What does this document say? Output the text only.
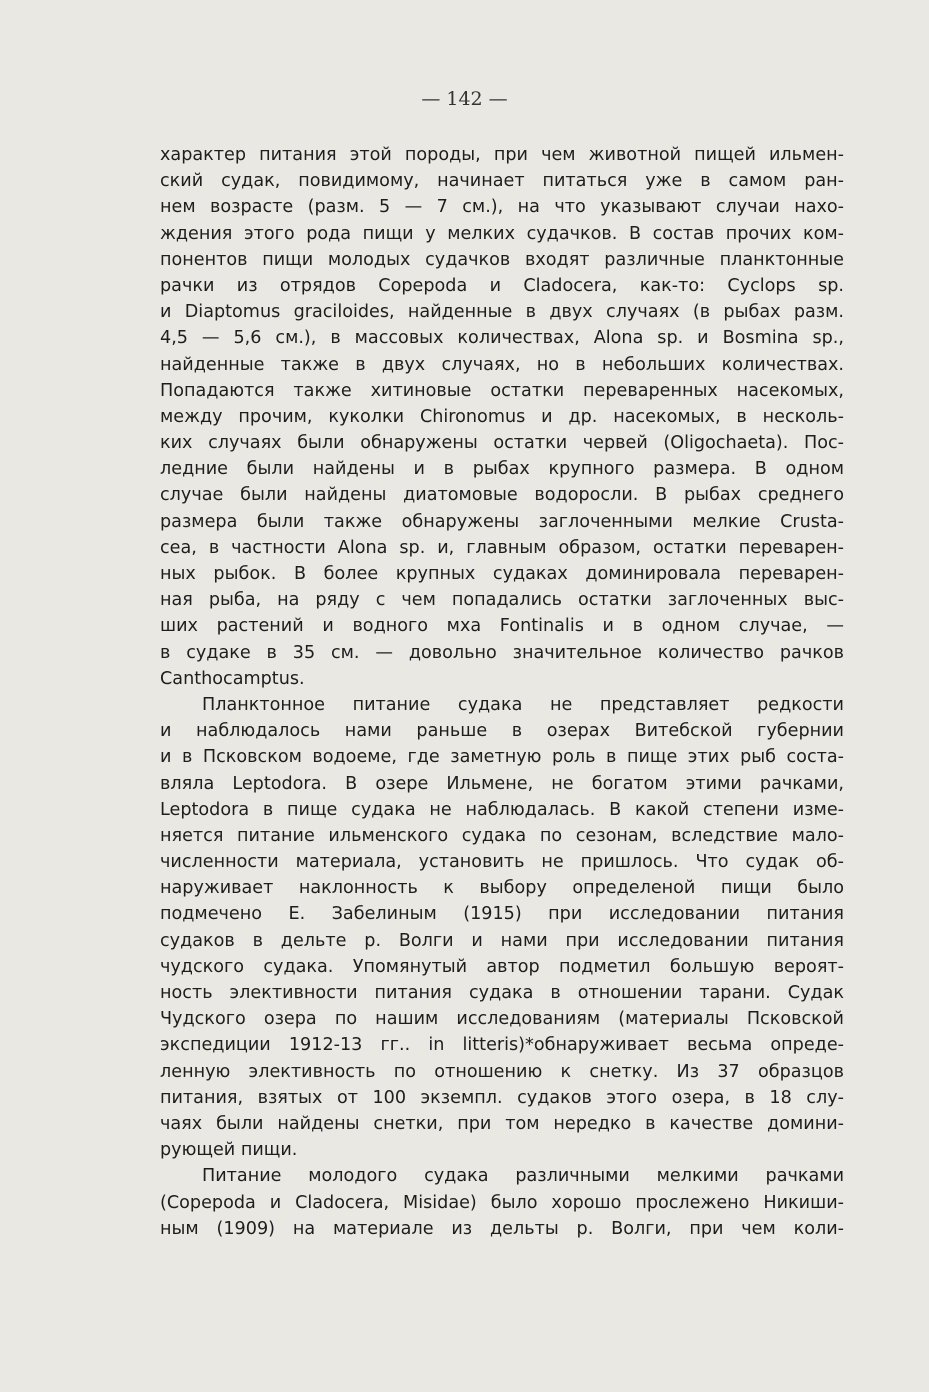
— 142 —
характер питания этой породы, при чем животной пищей ильмен-
ский судак, повидимому, начинает питаться уже в самом ран-
нем возрасте (разм. 5 — 7 см.), на что указывают случаи нахо-
ждения этого рода пищи у мелких судачков. В состав прочих ком-
понентов пищи молодых судачков входят различные планктонные
рачки из отрядов Copepoda и Cladocera, как-то: Cyclops sp.
и Diaptomus graciloides, найденные в двух случаях (в рыбах разм.
4,5 — 5,6 см.), в массовых количествах, Alona sp. и Bosmina sp.,
найденные также в двух случаях, но в небольших количествах.
Попадаются также хитиновые остатки переваренных насекомых,
между прочим, куколки Chironomus и др. насекомых, в несколь-
ких случаях были обнаружены остатки червей (Oligochaeta). Пос-
ледние были найдены и в рыбах крупного размера. В одном
случае были найдены диатомовые водоросли. В рыбах среднего
размера были также обнаружены заглоченными мелкие Crusta-
cea, в частности Alona sp. и, главным образом, остатки переварен-
ных рыбок. В более крупных судаках доминировала переварен-
ная рыба, на ряду с чем попадались остатки заглоченных выс-
ших растений и водного мха Fontinalis и в одном случае, —
в судаке в 35 см. — довольно значительное количество рачков
Canthocamptus.
Планктонное питание судака не представляет редкости
и наблюдалось нами раньше в озерах Витебской губернии
и в Псковском водоеме, где заметную роль в пище этих рыб соста-
вляла Leptodora. В озере Ильмене, не богатом этими рачками,
Leptodora в пище судака не наблюдалась. В какой степени изме-
няется питание ильменского судака по сезонам, вследствие мало-
численности материала, установить не пришлось. Что судак об-
наруживает наклонность к выбору определеной пищи было
подмечено Е. Забелиным (1915) при исследовании питания
судаков в дельте р. Волги и нами при исследовании питания
чудского судака. Упомянутый автор подметил большую вероят-
ность элективности питания судака в отношении тарани. Судак
Чудского озера по нашим исследованиям (материалы Псковской
экспедиции 1912-13 гг.. in litteris)*обнаруживает весьма опреде-
ленную элективность по отношению к снетку. Из 37 образцов
питания, взятых от 100 экземпл. судаков этого озера, в 18 слу-
чаях были найдены снетки, при том нередко в качестве домини-
рующей пищи.
Питание молодого судака различными мелкими рачками
(Copepoda и Cladocera, Misidae) было хорошо прослежено Никиши-
ным (1909) на материале из дельты р. Волги, при чем коли-
